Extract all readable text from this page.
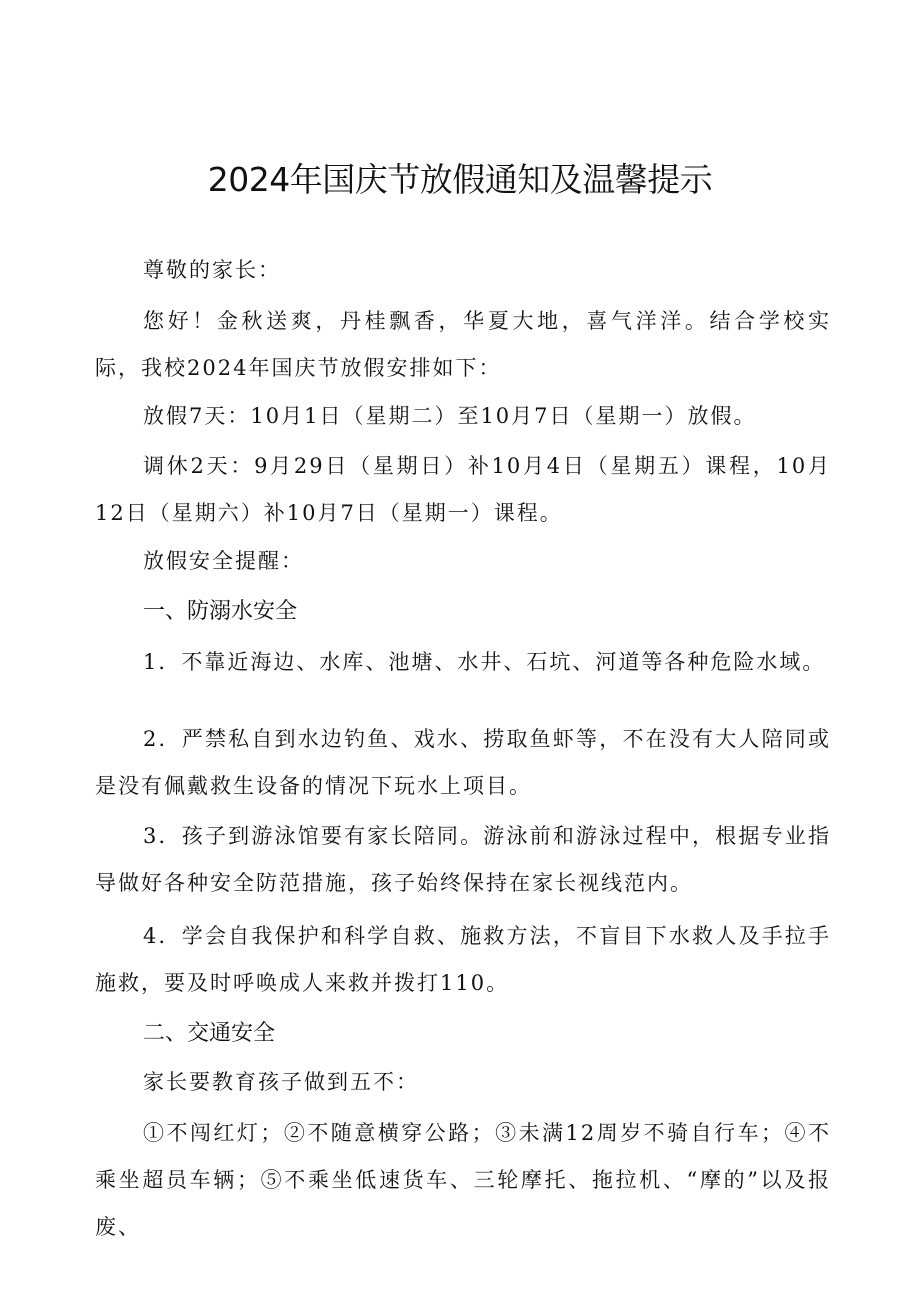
2024年国庆节放假通知及温馨提示
尊敬的家长：
您好！金秋送爽，丹桂飘香，华夏大地，喜气洋洋。结合学校实际，我校2024年国庆节放假安排如下：
放假7天：10月1日（星期二）至10月7日（星期一）放假。
调休2天：9月29日（星期日）补10月4日（星期五）课程，10月12日（星期六）补10月7日（星期一）课程。
放假安全提醒：
一、防溺水安全
1．不靠近海边、水库、池塘、水井、石坑、河道等各种危险水域。
2．严禁私自到水边钓鱼、戏水、捞取鱼虾等，不在没有大人陪同或是没有佩戴救生设备的情况下玩水上项目。
3．孩子到游泳馆要有家长陪同。游泳前和游泳过程中，根据专业指导做好各种安全防范措施，孩子始终保持在家长视线范内。
4．学会自我保护和科学自救、施救方法，不盲目下水救人及手拉手施救，要及时呼唤成人来救并拨打110。
二、交通安全
家长要教育孩子做到五不：
①不闯红灯；②不随意横穿公路；③未满12周岁不骑自行车；④不乘坐超员车辆；⑤不乘坐低速货车、三轮摩托、拖拉机、“摩的”以及报废、
